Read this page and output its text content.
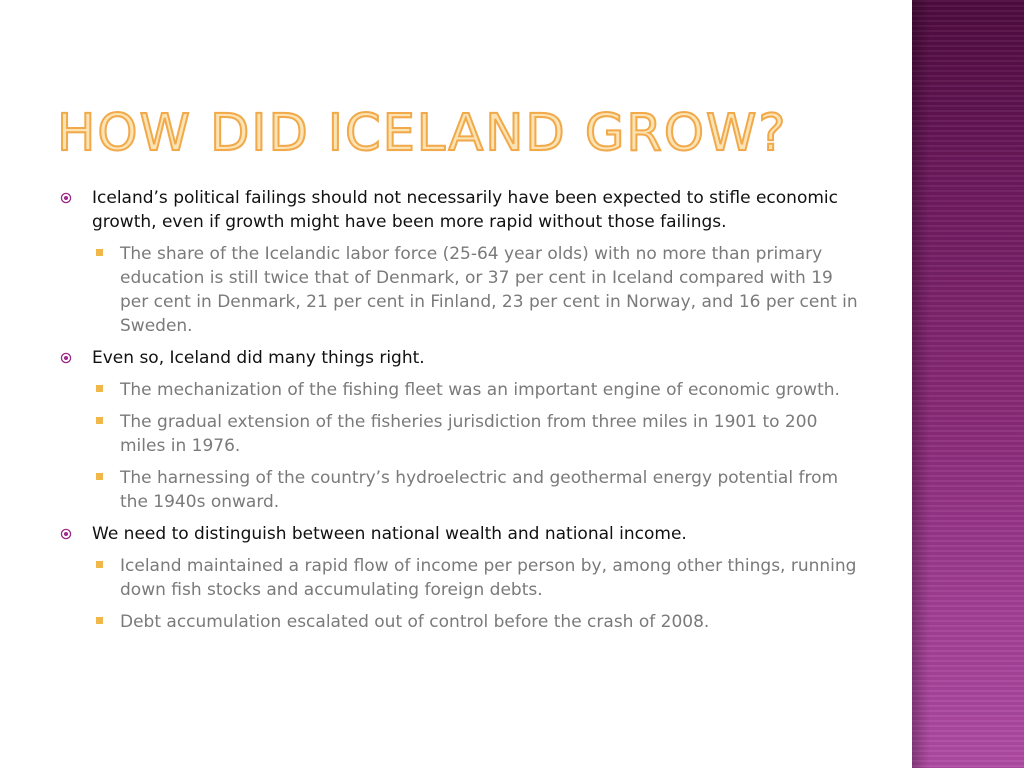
HOW DID ICELAND GROW?
Iceland’s political failings should not necessarily have been expected to stifle economic growth, even if growth might have been more rapid without those failings.
The share of the Icelandic labor force (25-64 year olds) with no more than primary education is still twice that of Denmark, or 37 per cent in Iceland compared with 19 per cent in Denmark, 21 per cent in Finland, 23 per cent in Norway, and 16 per cent in Sweden.
Even so, Iceland did many things right.
The mechanization of the fishing fleet was an important engine of economic growth.
The gradual extension of the fisheries jurisdiction from three miles in 1901 to 200 miles in 1976.
The harnessing of the country’s hydroelectric and geothermal energy potential from the 1940s onward.
We need to distinguish between national wealth and national income.
Iceland maintained a rapid flow of income per person by, among other things, running down fish stocks and accumulating foreign debts.
Debt accumulation escalated out of control before the crash of 2008.
